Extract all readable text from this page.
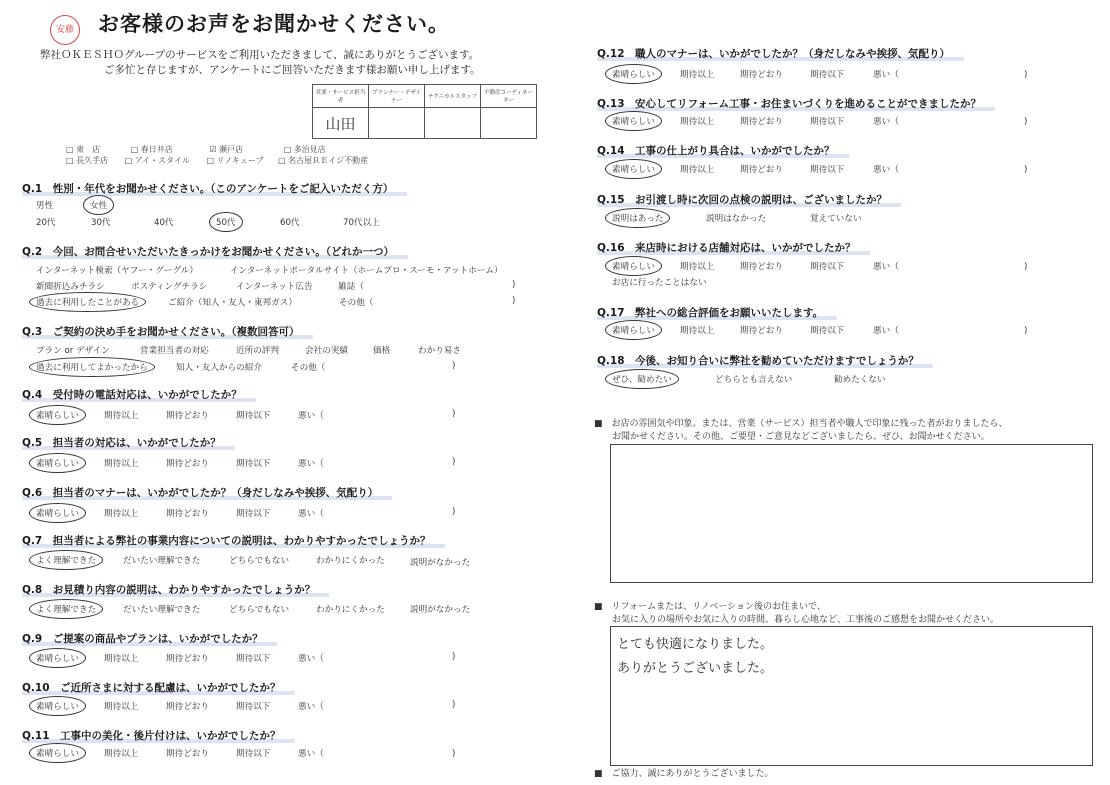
安藤 お客様のお声をお聞かせください。
弊社ＯＫＥＳＨＯグループのサービスをご利用いただきまして、誠にありがとうございます。
ご多忙と存じますが、アンケートにご回答いただきます様お願い申し上げます。
営業・サービス担当者	プランナー・デザイナー	テクニカルスタッフ	不動産コーディネーター
山田			
□ 東　店	□ 春日井店	☑ 瀬戸店	□ 多治見店
□ 長久手店 □ アイ・スタイル □ リノキューブ □ 名古屋ＲＥイジ不動産
Q.1　性別・年代をお聞かせください。（このアンケートをご記入いただく方）
男性	女性
20代	30代	40代	50代	60代	70代以上
Q.2　今回、お問合せいただいたきっかけをお聞かせください。（どれか一つ）
インターネット検索（ヤフー・グーグル）	インターネットポータルサイト（ホームプロ・スーモ・アットホーム）
新聞折込みチラシ	ポスティングチラシ	インターネット広告	雑誌（	)
過去に利用したことがある	ご紹介（知人・友人・東邦ガス）	その他（	)
Q.3　ご契約の決め手をお聞かせください。（複数回答可）
プラン or デザイン	営業担当者の対応	近所の評判	会社の実績	価格	わかり易さ
過去に利用してよかったから	知人・友人からの紹介	その他（	)
Q.4　受付時の電話対応は、いかがでしたか？
素晴らしい	期待以上	期待どおり	期待以下	悪い（	)
Q.5　担当者の対応は、いかがでしたか？
素晴らしい	期待以上	期待どおり	期待以下	悪い（	)
Q.6　担当者のマナーは、いかがでしたか？（身だしなみや挨拶、気配り）
素晴らしい	期待以上	期待どおり	期待以下	悪い（	)
Q.7　担当者による弊社の事業内容についての説明は、わかりやすかったでしょうか？
よく理解できた	だいたい理解できた	どちらでもない	わかりにくかった	説明がなかった
Q.8　お見積り内容の説明は、わかりやすかったでしょうか？
よく理解できた	だいたい理解できた	どちらでもない	わかりにくかった	説明がなかった
Q.9　ご提案の商品やプランは、いかがでしたか？
素晴らしい	期待以上	期待どおり	期待以下	悪い（	)
Q.10　ご近所さまに対する配慮は、いかがでしたか？
素晴らしい	期待以上	期待どおり	期待以下	悪い（	)
Q.11　工事中の美化・後片付けは、いかがでしたか？
素晴らしい	期待以上	期待どおり	期待以下	悪い（	)
Q.12　職人のマナーは、いかがでしたか？（身だしなみや挨拶、気配り）
素晴らしい	期待以上	期待どおり	期待以下	悪い（	)
Q.13　安心してリフォーム工事・お住まいづくりを進めることができましたか？
素晴らしい	期待以上	期待どおり	期待以下	悪い（	)
Q.14　工事の仕上がり具合は、いかがでしたか？
素晴らしい	期待以上	期待どおり	期待以下	悪い（	)
Q.15　お引渡し時に次回の点検の説明は、ございましたか？
説明はあった	説明はなかった	覚えていない
Q.16　来店時における店舗対応は、いかがでしたか？
素晴らしい	期待以上	期待どおり	期待以下	悪い（	)
お店に行ったことはない
Q.17　弊社への総合評価をお願いいたします。
素晴らしい	期待以上	期待どおり	期待以下	悪い（	)
Q.18　今後、お知り合いに弊社を勧めていただけますでしょうか？
ぜひ、勧めたい	どちらとも言えない	勧めたくない
■　お店の雰囲気や印象。または、営業（サービス）担当者や職人で印象に残った者がおりましたら、
お聞かせください。その他、ご要望・ご意見などございましたら、ぜひ、お聞かせください。
■　リフォームまたは、リノベーション後のお住まいで、
お気に入りの場所やお気に入りの時間、暮らし心地など、工事後のご感想をお聞かせください。
とても快適になりました。
ありがとうございました。
■　ご協力、誠にありがとうございました。
